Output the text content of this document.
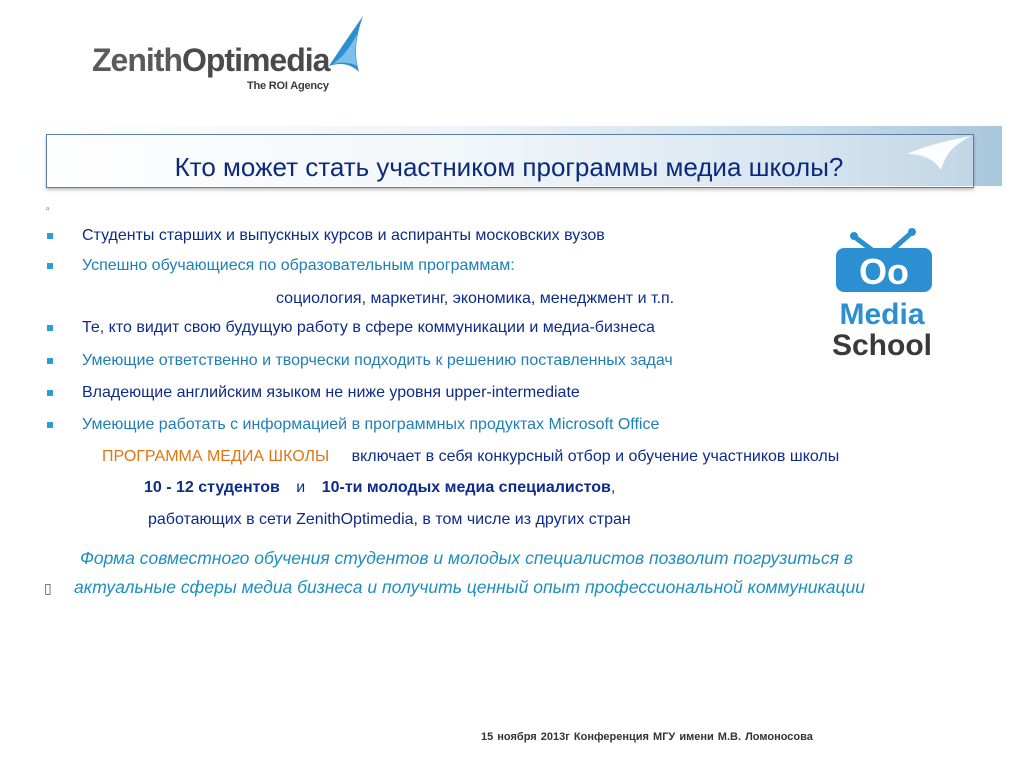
ZenithOptimedia
The ROI Agency
Кто может стать участником программы медиа школы?
▫
Студенты старших и выпускных курсов и аспиранты московских вузов
Успешно обучающиеся по образовательным программам:
Те, кто видит свою будущую работу в сфере коммуникации и медиа-бизнеса
Умеющие ответственно и творчески подходить к решению поставленных задач
Владеющие английским языком не ниже уровня upper-intermediate
Умеющие работать с информацией в программных продуктах Microsoft Office
социология, маркетинг, экономика, менеджмент и т.п.
ПРОГРАММА МЕДИА ШКОЛЫ включает в себя конкурсный отбор и обучение участников школы
10 - 12 студентов и 10-ти молодых медиа специалистов,
работающих в сети ZenithOptimedia, в том числе из других стран
Форма совместного обучения студентов и молодых специалистов позволит погрузиться в
▯ актуальные сферы медиа бизнеса и получить ценный опыт профессиональной коммуникации
Oo
Media
School
15 ноября 2013г Конференция МГУ имени М.В. Ломоносова
